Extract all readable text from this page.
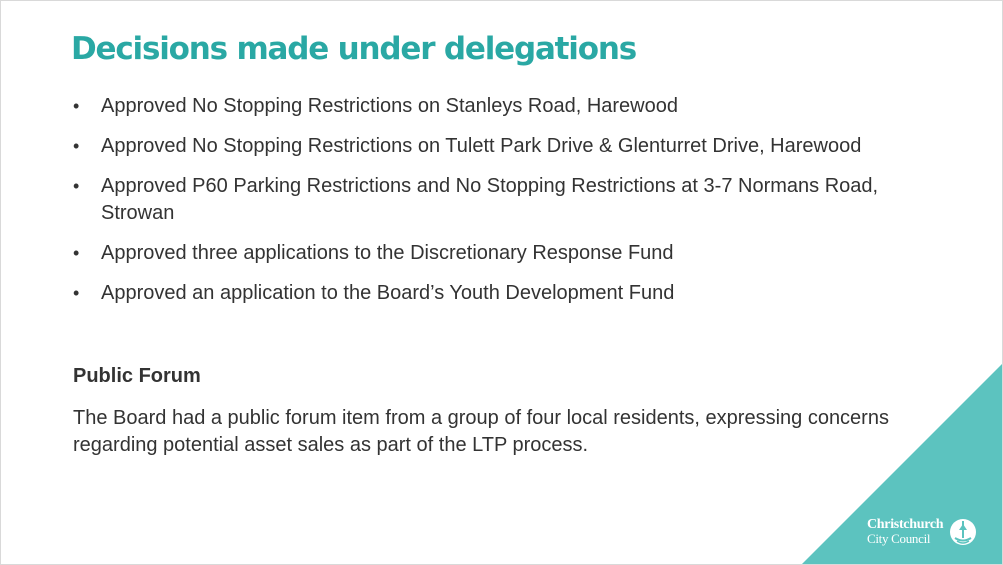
Decisions made under delegations
• Approved No Stopping Restrictions on Stanleys Road, Harewood
• Approved No Stopping Restrictions on Tulett Park Drive & Glenturret Drive, Harewood
• Approved P60 Parking Restrictions and No Stopping Restrictions at 3-7 Normans Road, Strowan
• Approved three applications to the Discretionary Response Fund
• Approved an application to the Board’s Youth Development Fund
Public Forum

The Board had a public forum item from a group of four local residents, expressing concerns regarding potential asset sales as part of the LTP process.

Christchurch
City Council
